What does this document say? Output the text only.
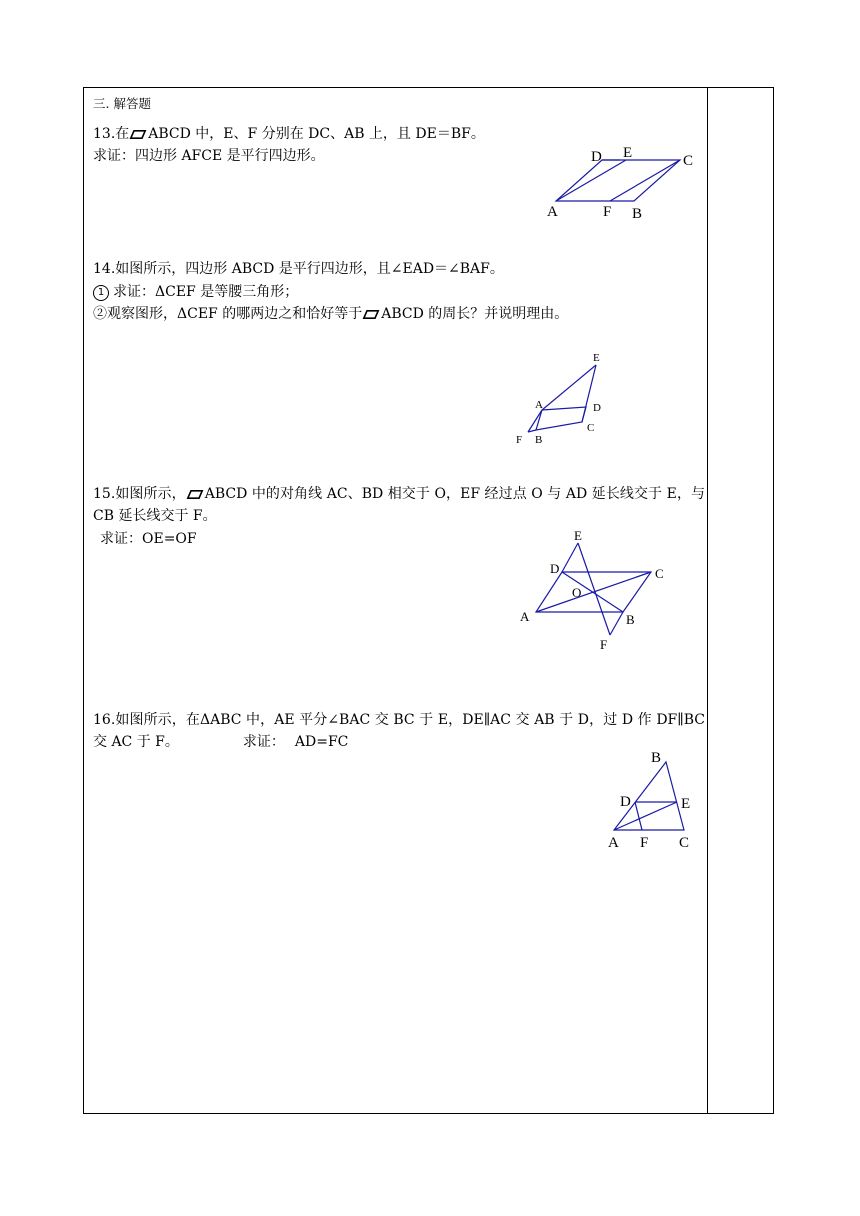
三. 解答题
13.在 ABCD 中，E、F 分别在 DC、AB 上，且 DE＝BF。
求证：四边形 AFCE 是平行四边形。
A	F B
D E	C
14.如图所示，四边形 ABCD 是平行四边形，且∠EAD＝∠BAF。
1 求证：ΔCEF 是等腰三角形；
②观察图形，ΔCEF 的哪两边之和恰好等于 ABCD 的周长？并说明理由。
E
A	D
C
F B
15.如图所示， ABCD 中的对角线 AC、BD 相交于 O，EF 经过点 O 与 AD 延长线交于 E，与 CB 延长线交于 F。
求证：OE=OF	E
D	C
O
A	B
F
16.如图所示，在ΔABC 中，AE 平分∠BAC 交 BC 于 E，DE∥AC 交 AB 于 D，过 D 作 DF∥BC 交 AC 于 F。	求证： AD=FC
B
D	E
A F C
